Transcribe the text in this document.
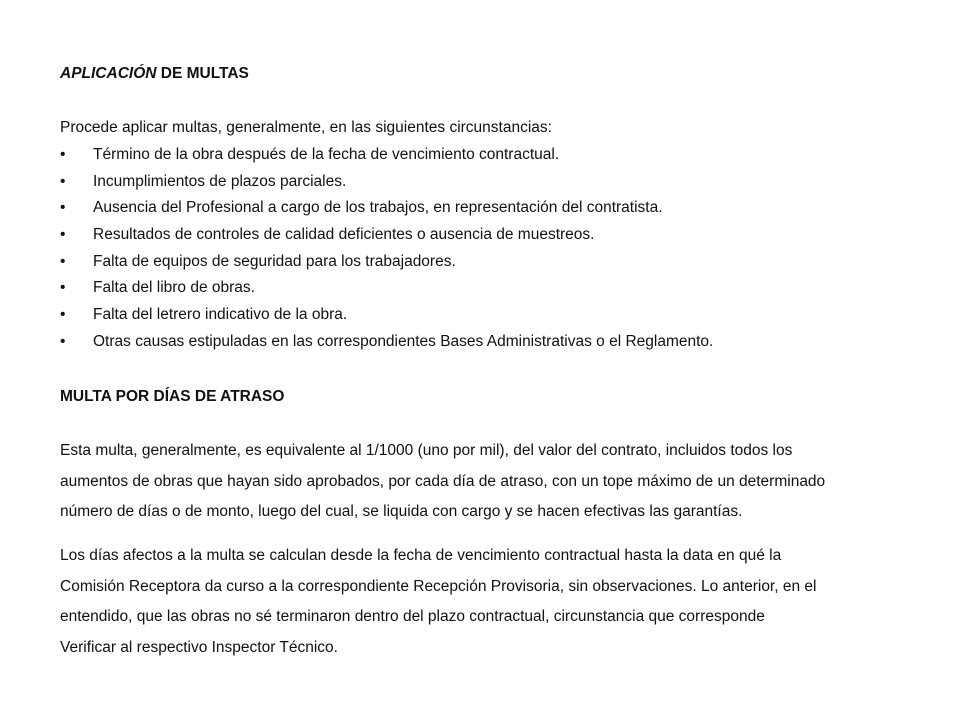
APLICACIÓN DE MULTAS
Procede aplicar multas, generalmente, en las siguientes circunstancias:
•	Término de la obra después de la fecha de vencimiento contractual.
•	Incumplimientos de plazos parciales.
•	Ausencia del Profesional a cargo de los trabajos, en representación del contratista.
•	Resultados de controles de calidad deficientes o ausencia de muestreos.
•	Falta de equipos de seguridad para los trabajadores.
•	Falta del libro de obras.
•	Falta del letrero indicativo de la obra.
•	Otras causas estipuladas en las correspondientes Bases Administrativas o el Reglamento.
MULTA POR DÍAS DE ATRASO
Esta multa, generalmente, es equivalente al 1/1000 (uno por mil), del valor del contrato, incluidos todos los
aumentos de obras que hayan sido aprobados, por cada día de atraso, con un tope máximo de un determinado
número de días o de monto, luego del cual, se liquida con cargo y se hacen efectivas las garantías.
Los días afectos a la multa se calculan desde la fecha de vencimiento contractual hasta la data en qué la
Comisión Receptora da curso a la correspondiente Recepción Provisoria, sin observaciones. Lo anterior, en el
entendido, que las obras no sé terminaron dentro del plazo contractual, circunstancia que corresponde
Verificar al respectivo Inspector Técnico.
